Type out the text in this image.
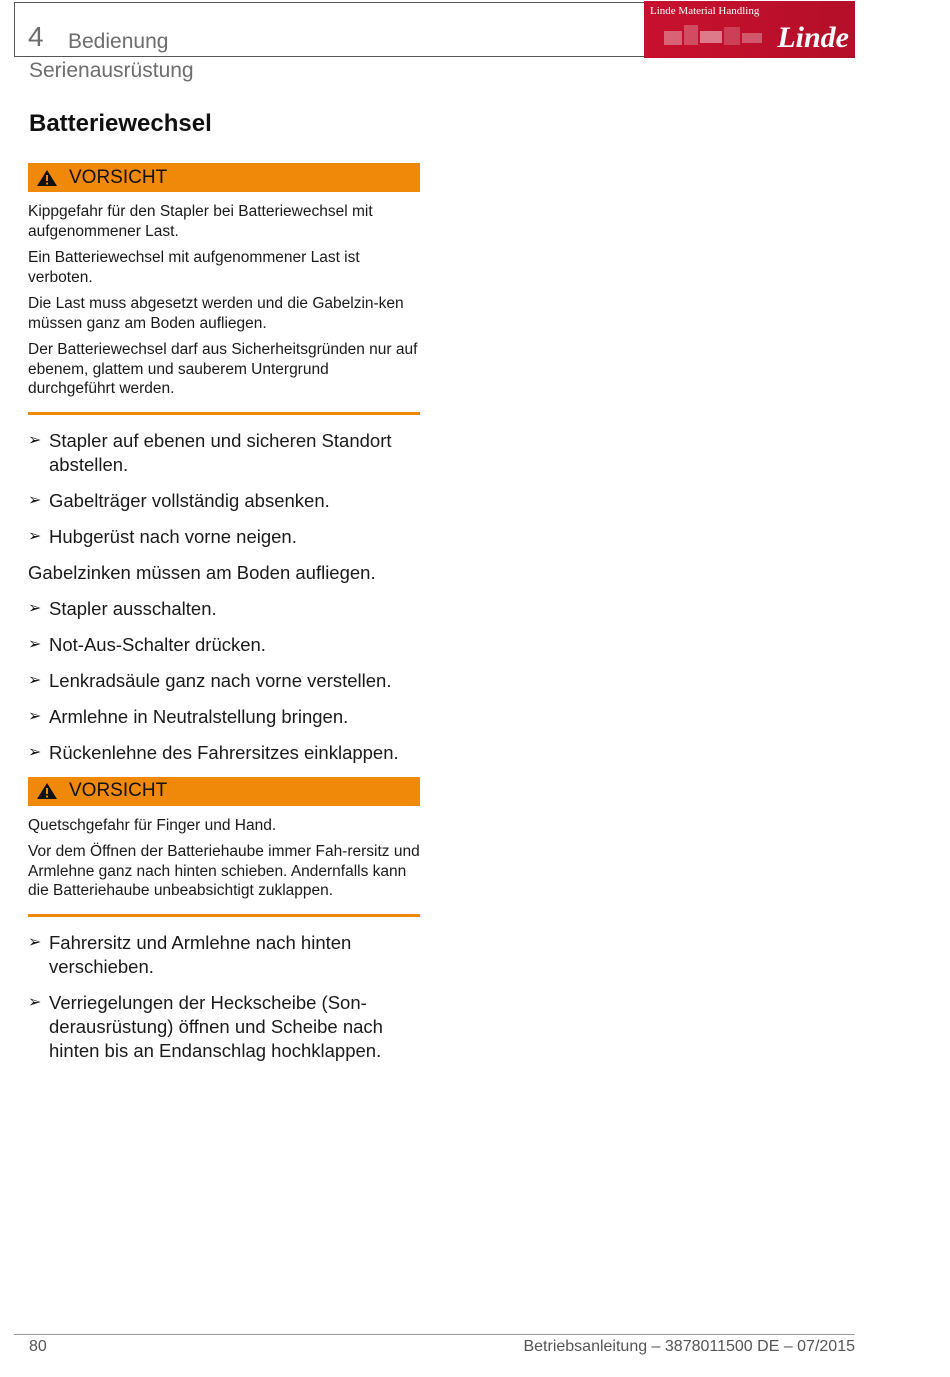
4 Bedienung
Serienausrüstung
Linde Material Handling
Linde
Batteriewechsel
VORSICHT

Kippgefahr für den Stapler bei Batteriewechsel mit aufgenommener Last.

Ein Batteriewechsel mit aufgenommener Last ist verboten.

Die Last muss abgesetzt werden und die Gabelzin-ken müssen ganz am Boden aufliegen.

Der Batteriewechsel darf aus Sicherheitsgründen nur auf ebenem, glattem und sauberem Untergrund durchgeführt werden.

➢ Stapler auf ebenen und sicheren Standort abstellen.
➢ Gabelträger vollständig absenken.
➢ Hubgerüst nach vorne neigen.
Gabelzinken müssen am Boden aufliegen.
➢ Stapler ausschalten.
➢ Not-Aus-Schalter drücken.
➢ Lenkradsäule ganz nach vorne verstellen.
➢ Armlehne in Neutralstellung bringen.
➢ Rückenlehne des Fahrersitzes einklappen.
VORSICHT

Quetschgefahr für Finger und Hand.

Vor dem Öffnen der Batteriehaube immer Fah-rersitz und Armlehne ganz nach hinten schieben. Andernfalls kann die Batteriehaube unbeabsichtigt zuklappen.

➢ Fahrersitz und Armlehne nach hinten verschieben.
➢ Verriegelungen der Heckscheibe (Son-derausrüstung) öffnen und Scheibe nach hinten bis an Endanschlag hochklappen.
80	Betriebsanleitung – 3878011500 DE – 07/2015
